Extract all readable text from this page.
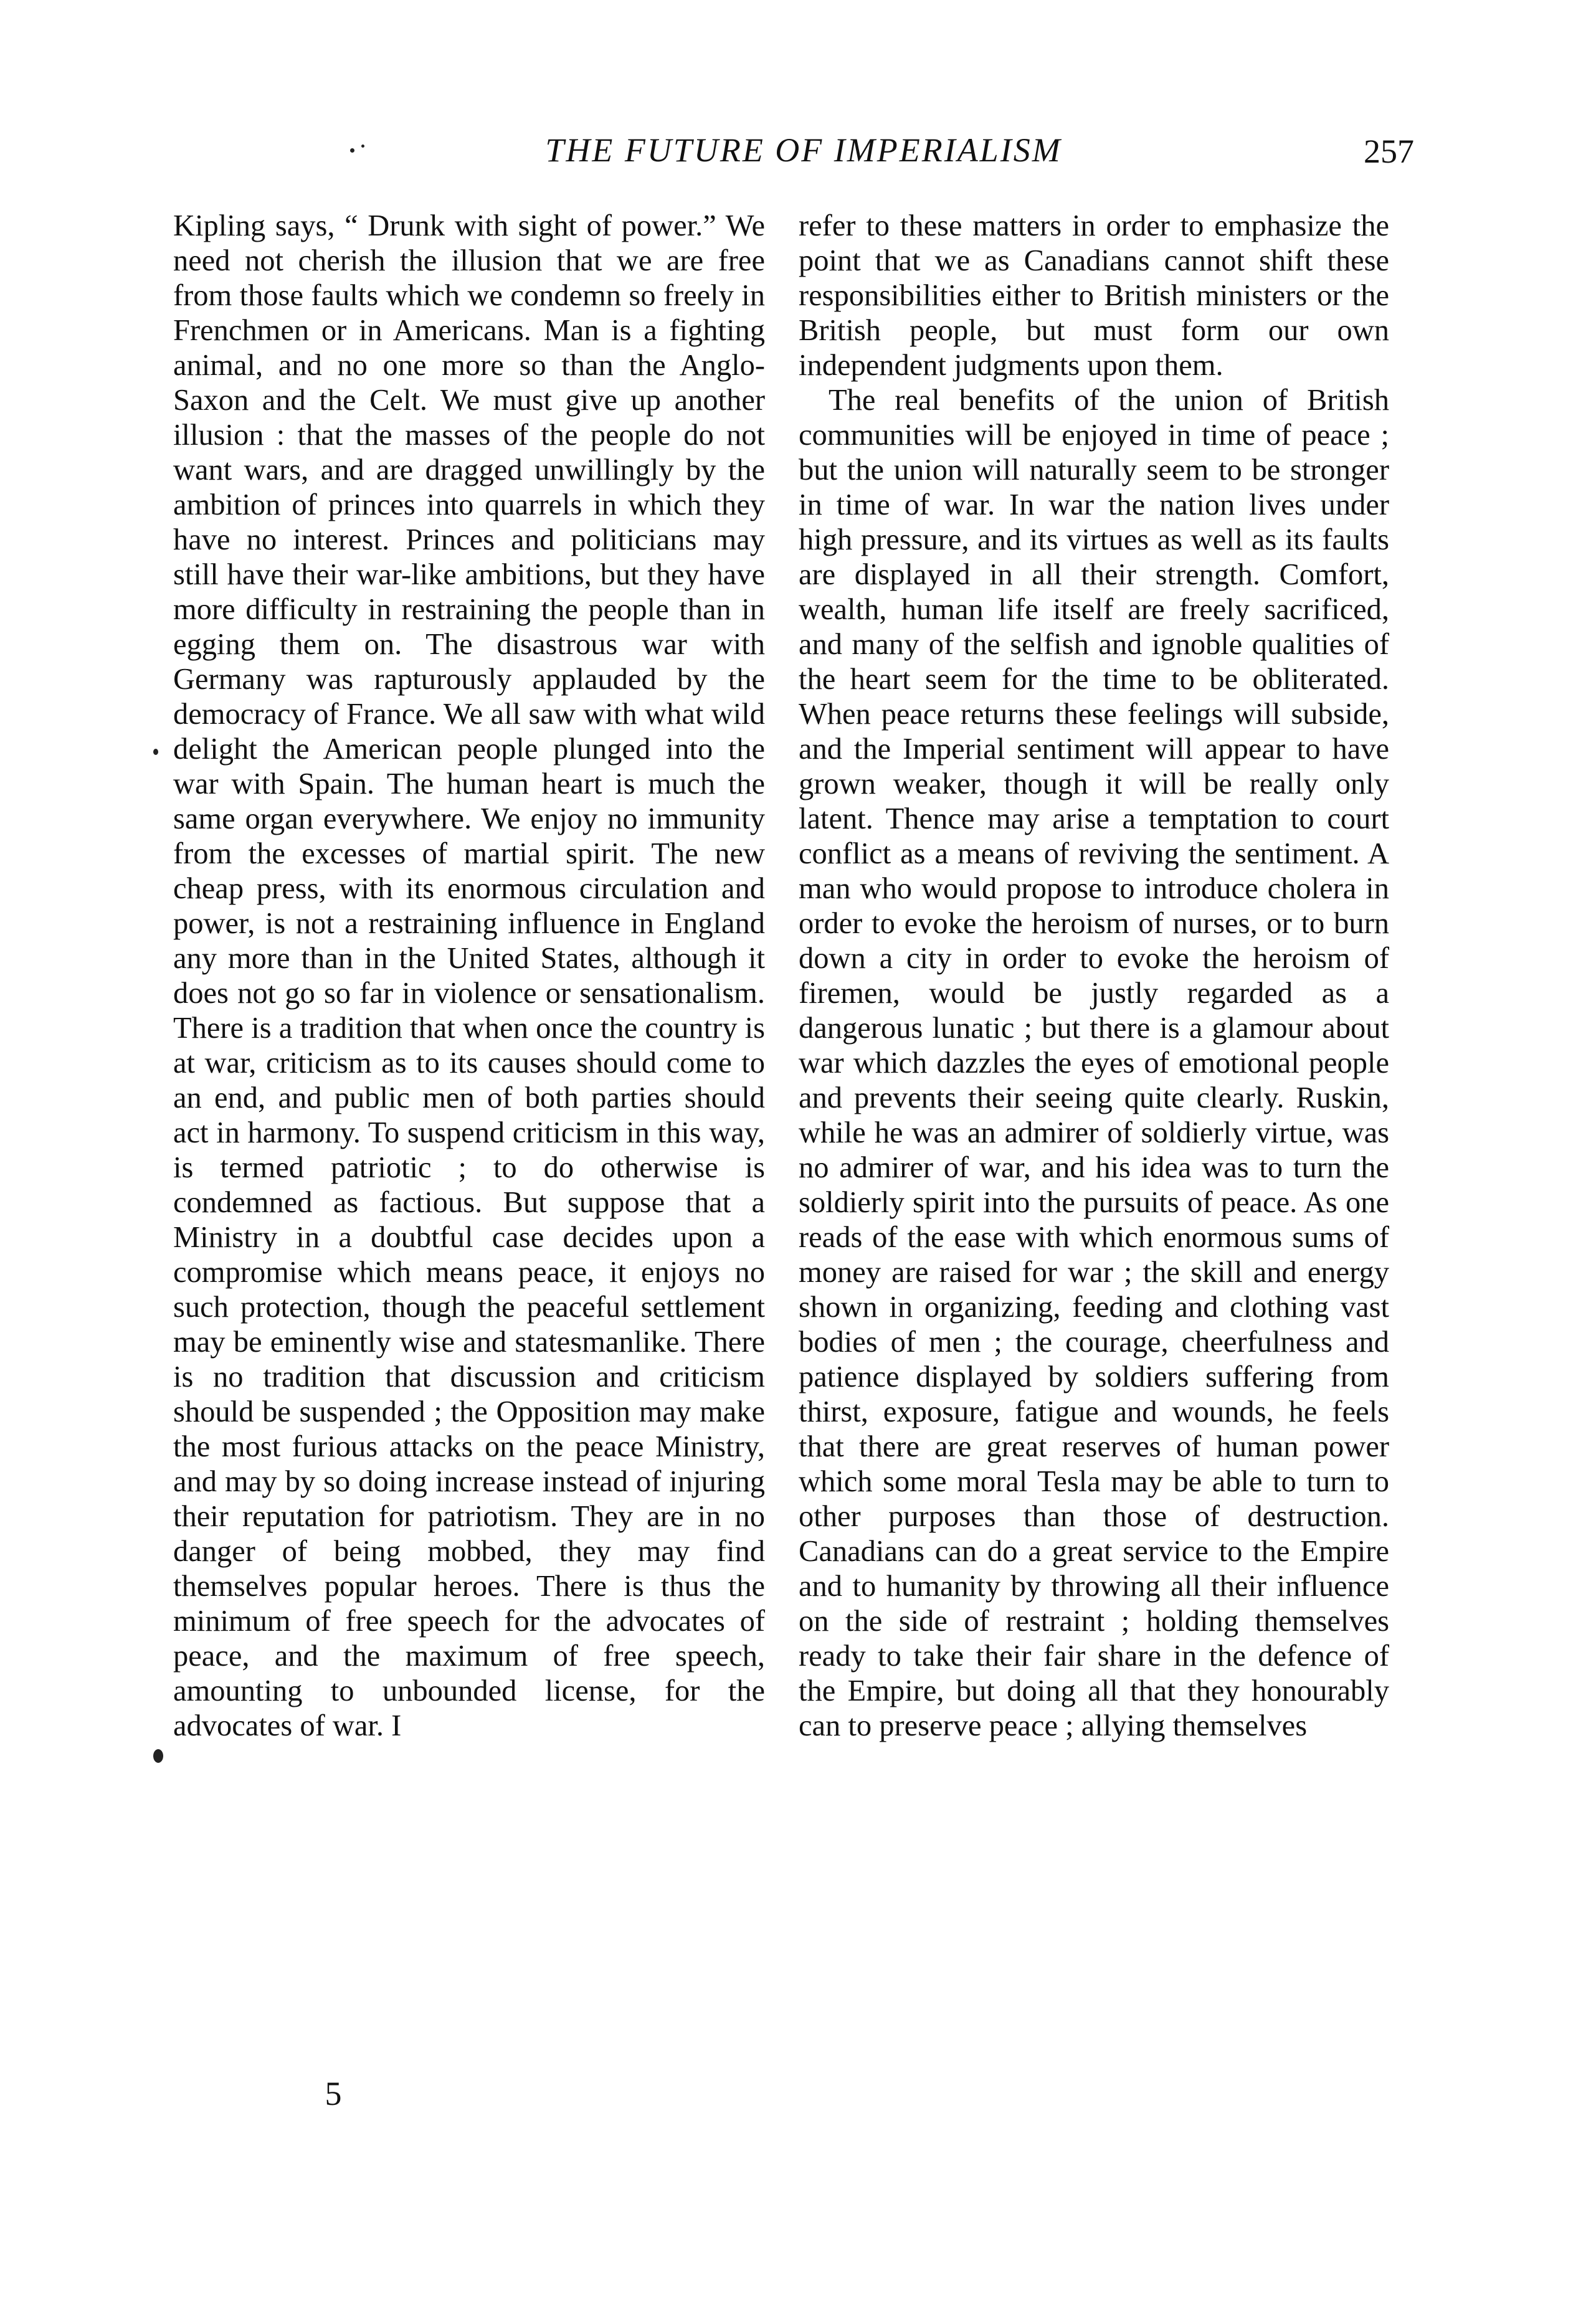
THE FUTURE OF IMPERIALISM	257

Kipling says, “ Drunk with sight of power.” We need not cherish the illusion that we are free from those faults which we condemn so freely in Frenchmen or in Americans. Man is a fighting animal, and no one more so than the Anglo-Saxon and the Celt. We must give up another illusion : that the masses of the people do not want wars, and are dragged unwillingly by the ambition of princes into quarrels in which they have no interest. Princes and politicians may still have their war-like ambitions, but they have more difficulty in restraining the people than in egging them on. The disastrous war with Germany was rapturously applauded by the democracy of France. We all saw with what wild delight the American people plunged into the war with Spain. The human heart is much the same organ everywhere. We enjoy no immunity from the excesses of martial spirit. The new cheap press, with its enormous circulation and power, is not a restraining influence in England any more than in the United States, although it does not go so far in violence or sensationalism. There is a tradition that when once the country is at war, criticism as to its causes should come to an end, and public men of both parties should act in harmony. To suspend criticism in this way, is termed patriotic ; to do otherwise is condemned as factious. But suppose that a Ministry in a doubtful case decides upon a compromise which means peace, it enjoys no such protection, though the peaceful settlement may be eminently wise and statesmanlike. There is no tradition that discussion and criticism should be suspended ; the Opposition may make the most furious attacks on the peace Ministry, and may by so doing increase instead of injuring their reputation for patriotism. They are in no danger of being mobbed, they may find themselves popular heroes. There is thus the minimum of free speech for the advocates of peace, and the maximum of free speech, amounting to unbounded license, for the advocates of war. I

refer to these matters in order to emphasize the point that we as Canadians cannot shift these responsibilities either to British ministers or the British people, but must form our own independent judgments upon them.

The real benefits of the union of British communities will be enjoyed in time of peace ; but the union will naturally seem to be stronger in time of war. In war the nation lives under high pressure, and its virtues as well as its faults are displayed in all their strength. Comfort, wealth, human life itself are freely sacrificed, and many of the selfish and ignoble qualities of the heart seem for the time to be obliterated. When peace returns these feelings will subside, and the Imperial sentiment will appear to have grown weaker, though it will be really only latent. Thence may arise a temptation to court conflict as a means of reviving the sentiment. A man who would propose to introduce cholera in order to evoke the heroism of nurses, or to burn down a city in order to evoke the heroism of firemen, would be justly regarded as a dangerous lunatic ; but there is a glamour about war which dazzles the eyes of emotional people and prevents their seeing quite clearly. Ruskin, while he was an admirer of soldierly virtue, was no admirer of war, and his idea was to turn the soldierly spirit into the pursuits of peace. As one reads of the ease with which enormous sums of money are raised for war ; the skill and energy shown in organizing, feeding and clothing vast bodies of men ; the courage, cheerfulness and patience displayed by soldiers suffering from thirst, exposure, fatigue and wounds, he feels that there are great reserves of human power which some moral Tesla may be able to turn to other purposes than those of destruction. Canadians can do a great service to the Empire and to humanity by throwing all their influence on the side of restraint ; holding themselves ready to take their fair share in the defence of the Empire, but doing all that they honourably can to preserve peace ; allying themselves

5
